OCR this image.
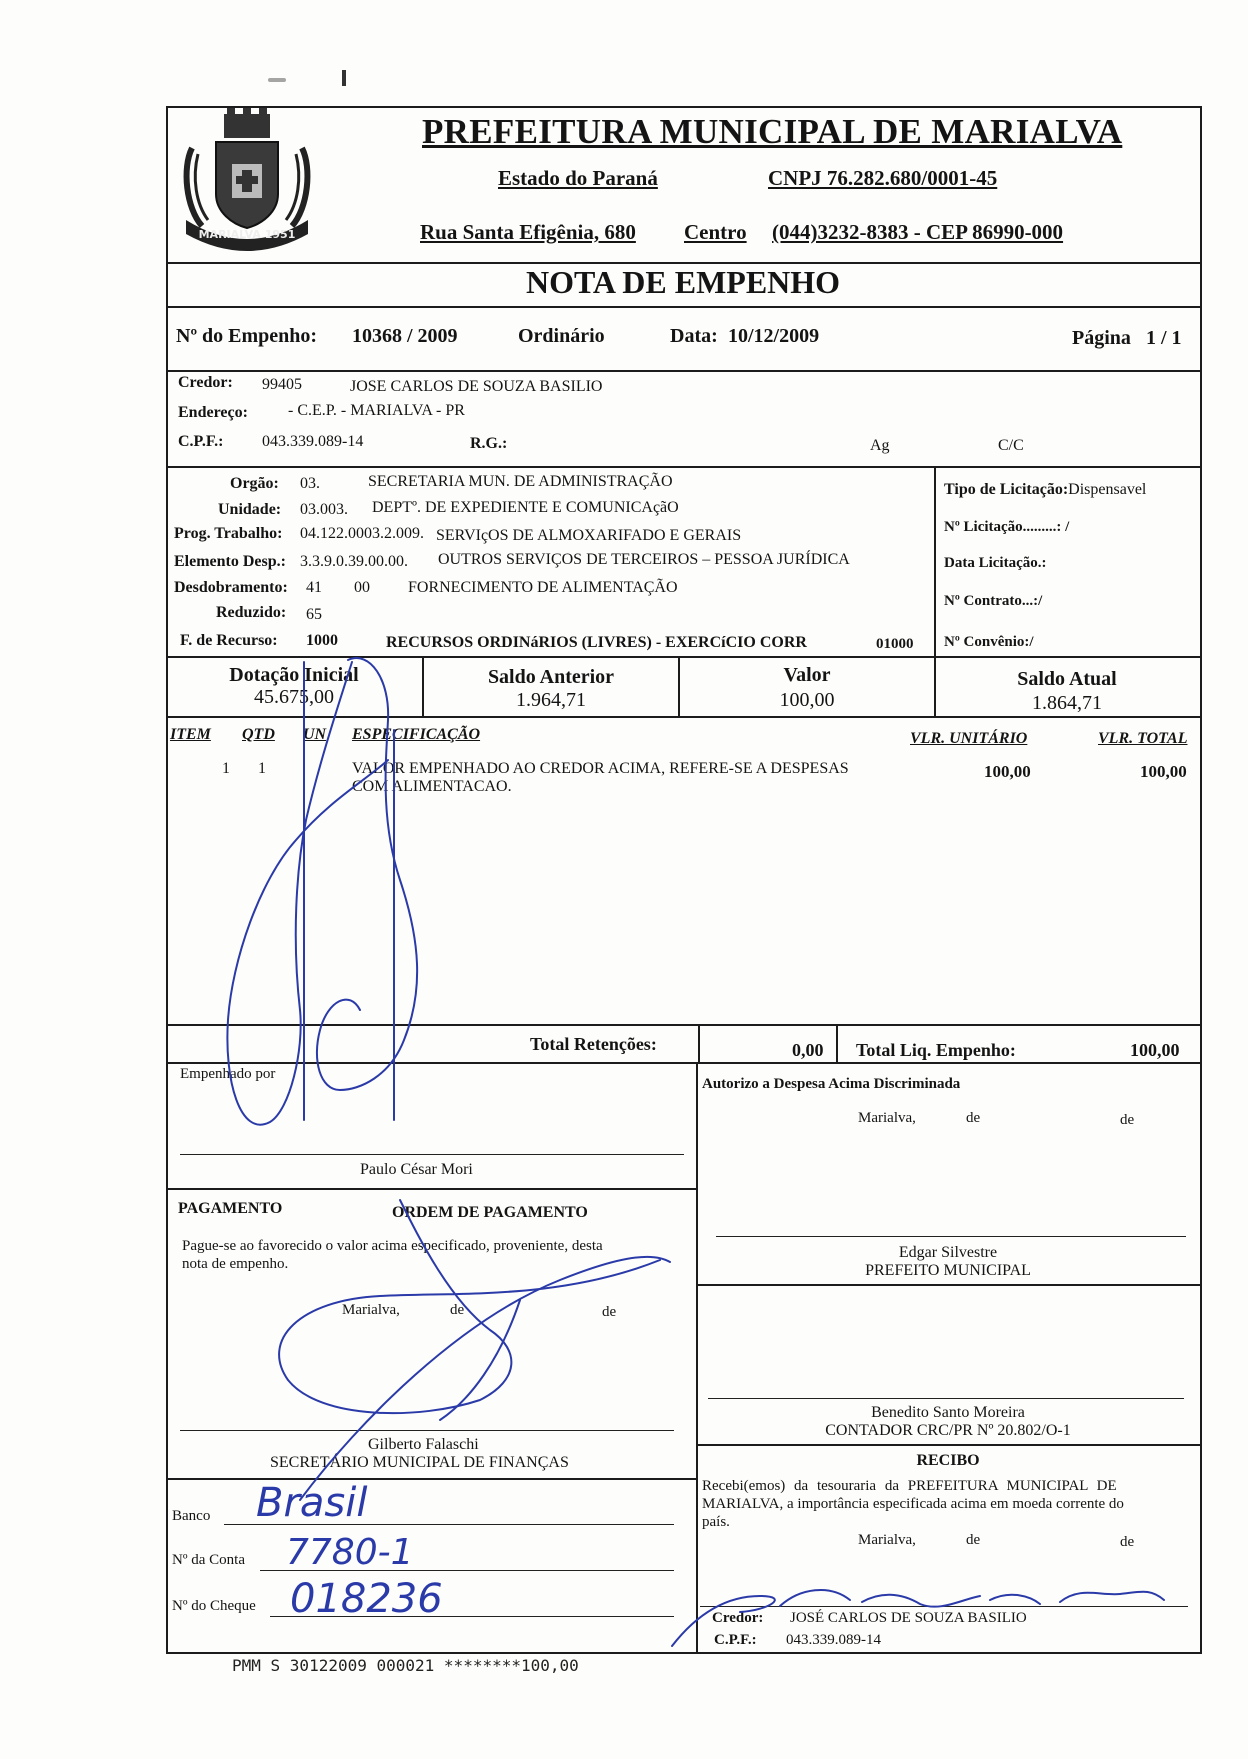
MARIALVA 1951
PREFEITURA MUNICIPAL DE MARIALVA
Estado do Paraná	CNPJ 76.282.680/0001-45
Rua Santa Efigênia, 680 Centro (044)3232-8383 - CEP 86990-000
NOTA DE EMPENHO
Nº do Empenho: 10368 / 2009	Ordinário	Data: 10/12/2009	Página 1 / 1
Credor: 99405	JOSE CARLOS DE SOUZA BASILIO
Endereço:	- C.E.P. - MARIALVA - PR
C.P.F.: 043.339.089-14	R.G.:	Ag	C/C
Orgão: 03.	SECRETARIA MUN. DE ADMINISTRAÇÃO
Unidade: 03.003. DEPTº. DE EXPEDIENTE E COMUNICAçãO
Prog. Trabalho: 04.122.0003.2.009. SERVIçOS DE ALMOXARIFADO E GERAIS
Elemento Desp.: 3.3.9.0.39.00.00. OUTROS SERVIÇOS DE TERCEIROS – PESSOA JURÍDICA
Desdobramento: 41 00 FORNECIMENTO DE ALIMENTAÇÃO
Reduzido: 65
F. de Recurso: 1000	RECURSOS ORDINáRIOS (LIVRES) - EXERCíCIO CORR	01000
Tipo de Licitação:Dispensavel
Nº Licitação.........: /
Data Licitação.:
Nº Contrato...:/
Nº Convênio:/
Dotação Inicial
45.675,00
Saldo Anterior
1.964,71
Valor
100,00
Saldo Atual
1.864,71
ITEM QTD UN ESPECIFICAÇÃO	VLR. UNITÁRIO	VLR. TOTAL
1 1	VALOR EMPENHADO AO CREDOR ACIMA, REFERE-SE A DESPESAS
COM ALIMENTACAO.
100,00	100,00
Total Retenções:	0,00 Total Liq. Empenho:	100,00
Empenhado por
Paulo César Mori
PAGAMENTO	ORDEM DE PAGAMENTO
Pague-se ao favorecido o valor acima especificado, proveniente, desta
nota de empenho.
Marialva,	de	de
Gilberto Falaschi
SECRETÁRIO MUNICIPAL DE FINANÇAS
Banco Brasil
Nº da Conta 7780-1
Nº do Cheque 018236
Autorizo a Despesa Acima Discriminada
Marialva,	de	de
Edgar Silvestre
PREFEITO MUNICIPAL
Benedito Santo Moreira
CONTADOR CRC/PR Nº 20.802/O-1
RECIBO
Recebi(emos) da tesouraria da PREFEITURA MUNICIPAL DE
MARIALVA, a importância especificada acima em moeda corrente do
país.
Marialva,	de	de
Credor: JOSÉ CARLOS DE SOUZA BASILIO
C.P.F.: 043.339.089-14
PMM S 30122009 000021 ********100,00
